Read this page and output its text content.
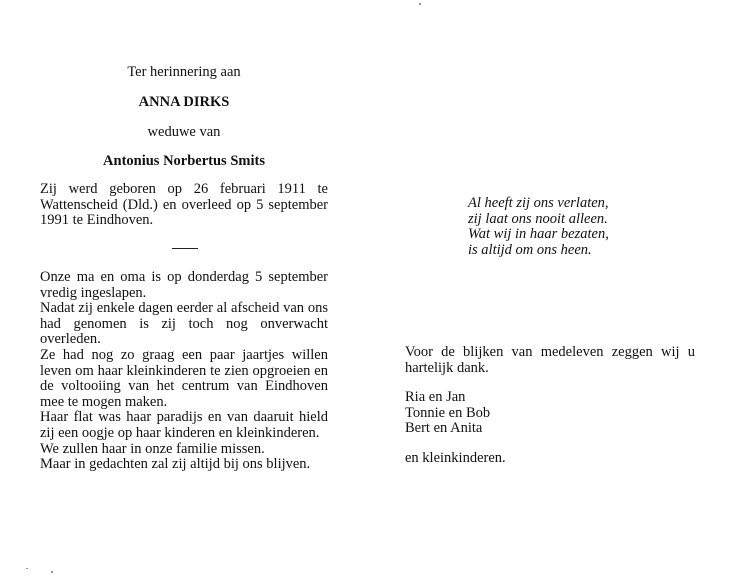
Ter herinnering aan
ANNA DIRKS
weduwe van
Antonius Norbertus Smits
Zij werd geboren op 26 februari 1911 te Wattenscheid (Dld.) en overleed op 5 september 1991 te Eindhoven.

Onze ma en oma is op donderdag 5 september vredig ingeslapen.

Nadat zij enkele dagen eerder al afscheid van ons had genomen is zij toch nog onverwacht overleden.

Ze had nog zo graag een paar jaartjes willen leven om haar kleinkinderen te zien opgroeien en de voltooiing van het centrum van Eindhoven mee te mogen maken.

Haar flat was haar paradijs en van daaruit hield zij een oogje op haar kinderen en kleinkinderen.

We zullen haar in onze familie missen.

Maar in gedachten zal zij altijd bij ons blijven.

Al heeft zij ons verlaten,
zij laat ons nooit alleen.
Wat wij in haar bezaten,
is altijd om ons heen.
Voor de blijken van medeleven zeggen wij u hartelijk dank.
Ria en Jan
Tonnie en Bob
Bert en Anita
en kleinkinderen.
